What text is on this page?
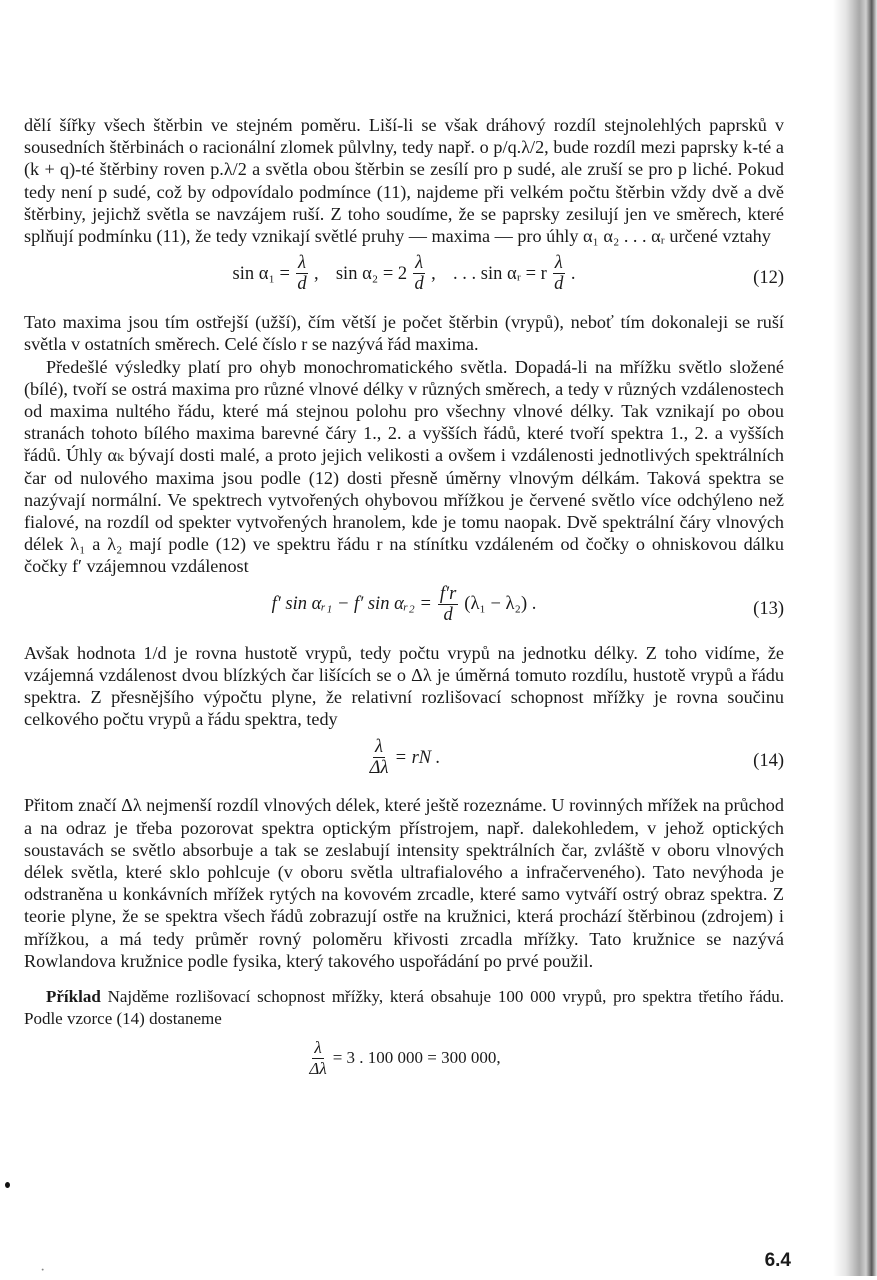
dělí šířky všech štěrbin ve stejném poměru. Liší-li se však dráhový rozdíl stejnolehlých paprsků v sousedních štěrbinách o racionální zlomek půlvlny, tedy např. o p/q.λ/2, bude rozdíl mezi paprsky k-té a (k + q)-té štěrbiny roven p.λ/2 a světla obou štěrbin se zesílí pro p sudé, ale zruší se pro p liché. Pokud tedy není p sudé, což by odpovídalo podmínce (11), najdeme při velkém počtu štěrbin vždy dvě a dvě štěrbiny, jejichž světla se navzájem ruší. Z toho soudíme, že se paprsky zesilují jen ve směrech, které splňují podmínku (11), že tedy vznikají světlé pruhy — maxima — pro úhly α₁ α₂ . . . αᵣ určené vztahy

$\sin \alpha_1 = \frac{\lambda}{d}$ ,
$\sin \alpha_2 = 2 \frac{\lambda}{d}$ ,
. . . sin αᵣ = r $\frac{\lambda}{d}$ .	(12)

Tato maxima jsou tím ostřejší (užší), čím větší je počet štěrbin (vrypů), neboť tím dokonaleji se ruší světla v ostatních směrech. Celé číslo r se nazývá řád maxima.

Předešlé výsledky platí pro ohyb monochromatického světla. Dopadá-li na mřížku světlo složené (bílé), tvoří se ostrá maxima pro různé vlnové délky v různých směrech, a tedy v různých vzdálenostech od maxima nultého řádu, které má stejnou polohu pro všechny vlnové délky. Tak vznikají po obou stranách tohoto bílého maxima barevné čáry 1., 2. a vyšších řádů, které tvoří spektra 1., 2. a vyšších řádů. Úhly αₖ bývají dosti malé, a proto jejich velikosti a ovšem i vzdálenosti jednotlivých spektrálních čar od nulového maxima jsou podle (12) dosti přesně úměrny vlnovým délkám. Taková spektra se nazývají normální. Ve spektrech vytvořených ohybovou mřížkou je červené světlo více odchýleno než fialové, na rozdíl od spekter vytvořených hranolem, kde je tomu naopak. Dvě spektrální čáry vlnových délek λ₁ a λ₂ mají podle (12) ve spektru řádu r na stínítku vzdáleném od čočky o ohniskovou dálku čočky f′ vzájemnou vzdálenost

f′ sin αᵣ₁ − f′ sin αᵣ₂ = $\frac{f'r}{d} (\lambda_1 - \lambda_2)$ .	(13)

Avšak hodnota 1/d je rovna hustotě vrypů, tedy počtu vrypů na jednotku délky. Z toho vidíme, že vzájemná vzdálenost dvou blízkých čar lišících se o Δλ je úměrná tomuto rozdílu, hustotě vrypů a řádu spektra. Z přesnějšího výpočtu plyne, že relativní rozlišovací schopnost mřížky je rovna součinu celkového počtu vrypů a řádu spektra, tedy

$\frac{\lambda}{\Delta\lambda}$ = rN .	(14)

Přitom značí Δλ nejmenší rozdíl vlnových délek, které ještě rozeznáme. U rovinných mřížek na průchod a na odraz je třeba pozorovat spektra optickým přístrojem, např. dalekohledem, v jehož optických soustavách se světlo absorbuje a tak se zeslabují intensity spektrálních čar, zvláště v oboru vlnových délek světla, které sklo pohlcuje (v oboru světla ultrafialového a infračerveného). Tato nevýhoda je odstraněna u konkávních mřížek rytých na kovovém zrcadle, které samo vytváří ostrý obraz spektra. Z teorie plyne, že se spektra všech řádů zobrazují ostře na kružnici, která prochází štěrbinou (zdrojem) i mřížkou, a má tedy průměr rovný poloměru křivosti zrcadla mřížky. Tato kružnice se nazývá Rowlandova kružnice podle fysika, který takového uspořádání po prvé použil.

Příklad Najděme rozlišovací schopnost mřížky, která obsahuje 100 000 vrypů, pro spektra třetího řádu. Podle vzorce (14) dostaneme

$\frac{\lambda}{\Delta\lambda} = 3$ . 100 000 = 300 000,
·	6.4
